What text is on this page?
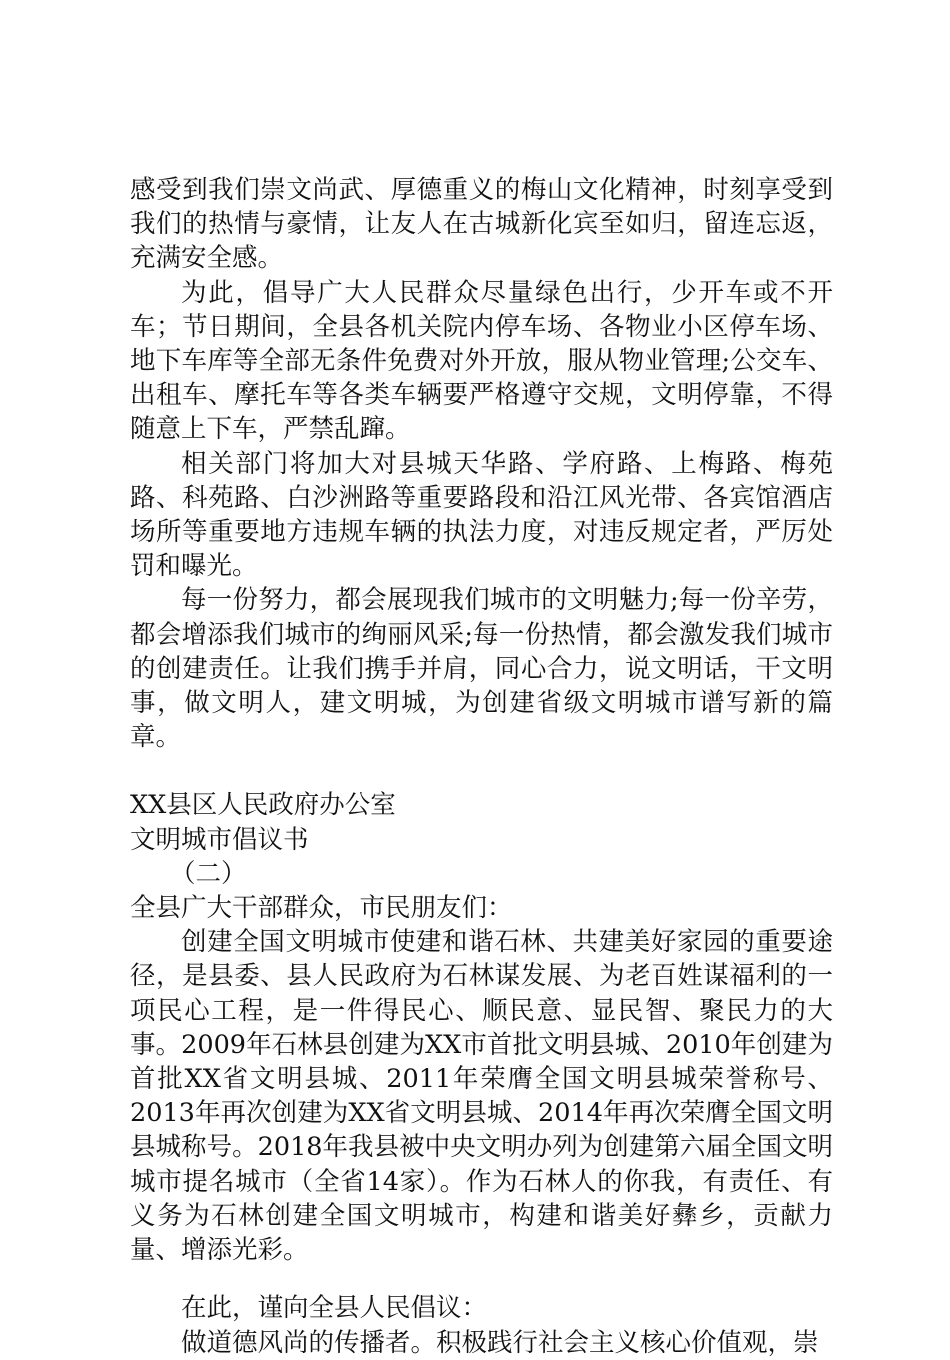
感受到我们崇文尚武、厚德重义的梅山文化精神，时刻享受到我们的热情与豪情，让友人在古城新化宾至如归，留连忘返，充满安全感。

为此，倡导广大人民群众尽量绿色出行，少开车或不开车；节日期间，全县各机关院内停车场、各物业小区停车场、地下车库等全部无条件免费对外开放，服从物业管理;公交车、出租车、摩托车等各类车辆要严格遵守交规，文明停靠，不得随意上下车，严禁乱蹿。

相关部门将加大对县城天华路、学府路、上梅路、梅苑路、科苑路、白沙洲路等重要路段和沿江风光带、各宾馆酒店场所等重要地方违规车辆的执法力度，对违反规定者，严厉处罚和曝光。

每一份努力，都会展现我们城市的文明魅力;每一份辛劳，都会增添我们城市的绚丽风采;每一份热情，都会激发我们城市的创建责任。让我们携手并肩，同心合力，说文明话，干文明事，做文明人，建文明城，为创建省级文明城市谱写新的篇章。

XX县区人民政府办公室

文明城市倡议书

（二）

全县广大干部群众，市民朋友们：

创建全国文明城市使建和谐石林、共建美好家园的重要途径，是县委、县人民政府为石林谋发展、为老百姓谋福利的一项民心工程，是一件得民心、顺民意、显民智、聚民力的大事。2009年石林县创建为XX市首批文明县城、2010年创建为首批XX省文明县城、2011年荣膺全国文明县城荣誉称号、2013年再次创建为XX省文明县城、2014年再次荣膺全国文明县城称号。2018年我县被中央文明办列为创建第六届全国文明城市提名城市（全省14家）。作为石林人的你我，有责任、有义务为石林创建全国文明城市，构建和谐美好彝乡，贡献力量、增添光彩。

在此，谨向全县人民倡议：

做道德风尚的传播者。积极践行社会主义核心价值观，崇
